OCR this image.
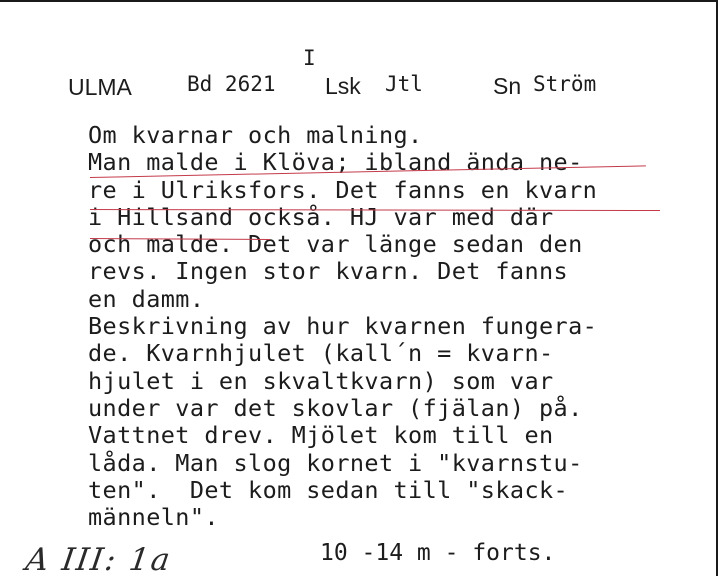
I
ULMA	Bd 2621 Lsk Jtl	Sn Ström
Om kvarnar och malning.
Man malde i Klöva; ibland ända ne-
re i Ulriksfors. Det fanns en kvarn
i Hillsand också. HJ var med där
och malde. Det var länge sedan den
revs. Ingen stor kvarn. Det fanns
en damm.
Beskrivning av hur kvarnen fungera-
de. Kvarnhjulet (kall´n = kvarn-
hjulet i en skvaltkvarn) som var
under var det skovlar (fjälan) på.
Vattnet drev. Mjölet kom till en
låda. Man slog kornet i "kvarnstu-
ten".  Det kom sedan till "skack-
männeln".
10 -14 m - forts.
A III: 1a
